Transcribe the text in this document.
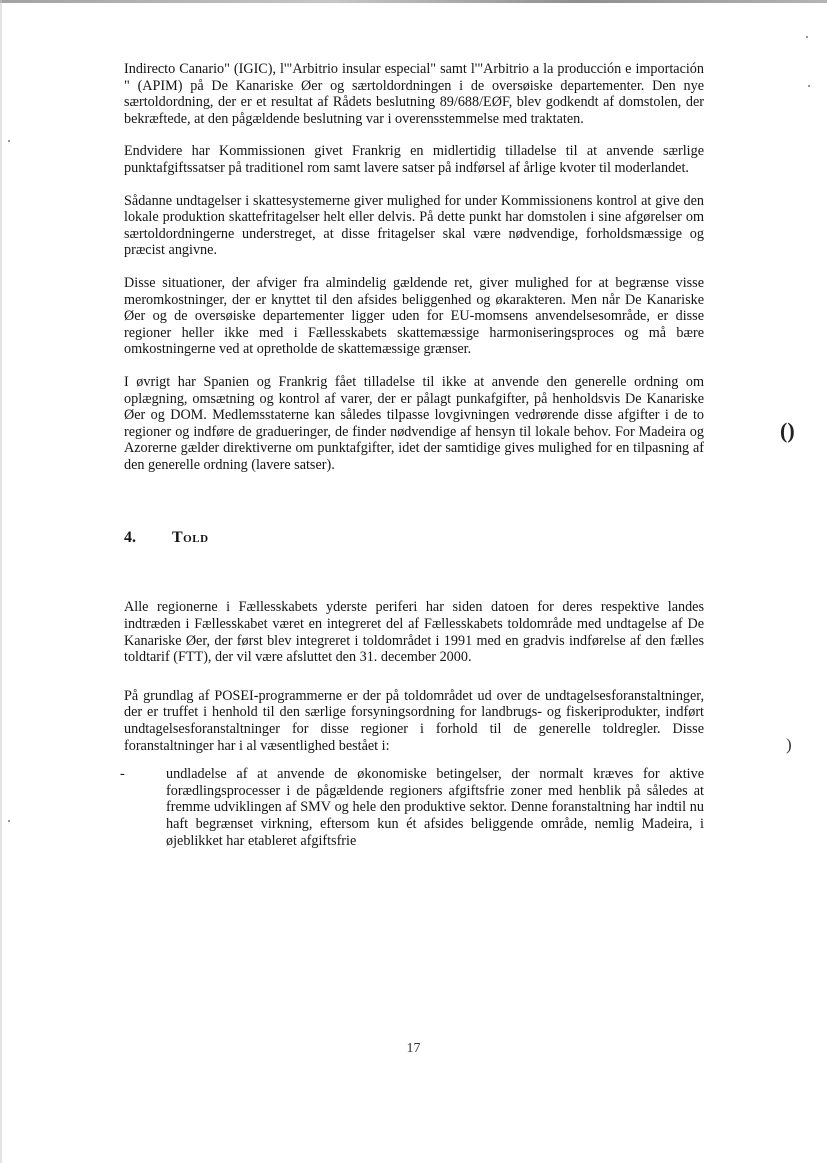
Indirecto Canario" (IGIC), l'"Arbitrio insular especial" samt l'"Arbitrio a la producción e importación " (APIM) på De Kanariske Øer og særtoldordningen i de oversøiske departementer. Den nye særtoldordning, der er et resultat af Rådets beslutning 89/688/EØF, blev godkendt af domstolen, der bekræftede, at den pågældende beslutning var i overensstemmelse med traktaten.

Endvidere har Kommissionen givet Frankrig en midlertidig tilladelse til at anvende særlige punktafgiftssatser på traditionel rom samt lavere satser på indførsel af årlige kvoter til moderlandet.

Sådanne undtagelser i skattesystemerne giver mulighed for under Kommissionens kontrol at give den lokale produktion skattefritagelser helt eller delvis. På dette punkt har domstolen i sine afgørelser om særtoldordningerne understreget, at disse fritagelser skal være nødvendige, forholdsmæssige og præcist angivne.

Disse situationer, der afviger fra almindelig gældende ret, giver mulighed for at begrænse visse meromkostninger, der er knyttet til den afsides beliggenhed og økarakteren. Men når De Kanariske Øer og de oversøiske departementer ligger uden for EU-momsens anvendelsesområde, er disse regioner heller ikke med i Fællesskabets skattemæssige harmoniseringsproces og må bære omkostningerne ved at opretholde de skattemæssige grænser.

I øvrigt har Spanien og Frankrig fået tilladelse til ikke at anvende den generelle ordning om oplægning, omsætning og kontrol af varer, der er pålagt punkafgifter, på henholdsvis De Kanariske Øer og DOM. Medlemsstaterne kan således tilpasse lovgivningen vedrørende disse afgifter i de to regioner og indføre de gradueringer, de finder nødvendige af hensyn til lokale behov. For Madeira og Azorerne gælder direktiverne om punktafgifter, idet der samtidige gives mulighed for en tilpasning af den generelle ordning (lavere satser).

4.	Told

Alle regionerne i Fællesskabets yderste periferi har siden datoen for deres respektive landes indtræden i Fællesskabet været en integreret del af Fællesskabets toldområde med undtagelse af De Kanariske Øer, der først blev integreret i toldområdet i 1991 med en gradvis indførelse af den fælles toldtarif (FTT), der vil være afsluttet den 31. december 2000.

På grundlag af POSEI-programmerne er der på toldområdet ud over de undtagelsesforanstaltninger, der er truffet i henhold til den særlige forsyningsordning for landbrugs- og fiskeriprodukter, indført undtagelsesforanstaltninger for disse regioner i forhold til de generelle toldregler. Disse foranstaltninger har i al væsentlighed bestået i:

-	undladelse af at anvende de økonomiske betingelser, der normalt kræves for aktive forædlingsprocesser i de pågældende regioners afgiftsfrie zoner med henblik på således at fremme udviklingen af SMV og hele den produktive sektor. Denne foranstaltning har indtil nu haft begrænset virkning, eftersom kun ét afsides beliggende område, nemlig Madeira, i øjeblikket har etableret afgiftsfrie

17
()
)
